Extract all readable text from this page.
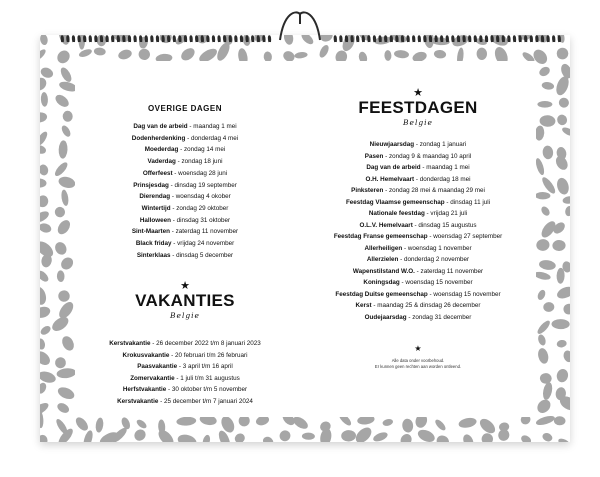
OVERIGE DAGEN
Dag van de arbeid - maandag 1 mei
Dodenherdenking - donderdag 4 mei
Moederdag - zondag 14 mei
Vaderdag - zondag 18 juni
Offerfeest - woensdag 28 juni
Prinsjesdag - dinsdag 19 september
Dierendag - woensdag 4 okober
Wintertijd - zondag 29 oktober
Halloween - dinsdag 31 oktober
Sint-Maarten - zaterdag 11 november
Black friday - vrijdag 24 november
Sinterklaas - dinsdag 5 december
★
VAKANTIES
Belgie
Kerstvakantie - 26 december 2022 t/m 8 januari 2023
Krokusvakantie - 20 februari t/m 26 februari
Paasvakantie - 3 april t/m 16 april
Zomervakantie - 1 juli t/m 31 augustus
Herfstvakantie - 30 oktober t/m 5 november
Kerstvakantie - 25 december t/m 7 januari 2024
★
FEESTDAGEN
Belgie
Nieuwjaarsdag - zondag 1 januari
Pasen - zondag 9 & maandag 10 april
Dag van de arbeid - maandag 1 mei
O.H. Hemelvaart - donderdag 18 mei
Pinksteren - zondag 28 mei & maandag 29 mei
Feestdag Vlaamse gemeenschap - dinsdag 11 juli
Nationale feestdag - vrijdag 21 juli
O.L.V. Hemelvaart - dinsdag 15 augustus
Feestdag Franse gemeenschap - woensdag 27 september
Allerheiligen - woensdag 1 november
Allerzielen - donderdag 2 november
Wapenstilstand W.O. - zaterdag 11 november
Koningsdag - woensdag 15 november
Feestdag Duitse gemeenschap - woensdag 15 november
Kerst - maandag 25 & dinsdag 26 december
Oudejaarsdag - zondag 31 december
★
Alle data onder voorbehoud.
Er kunnen geen rechten aan worden ontleend.
